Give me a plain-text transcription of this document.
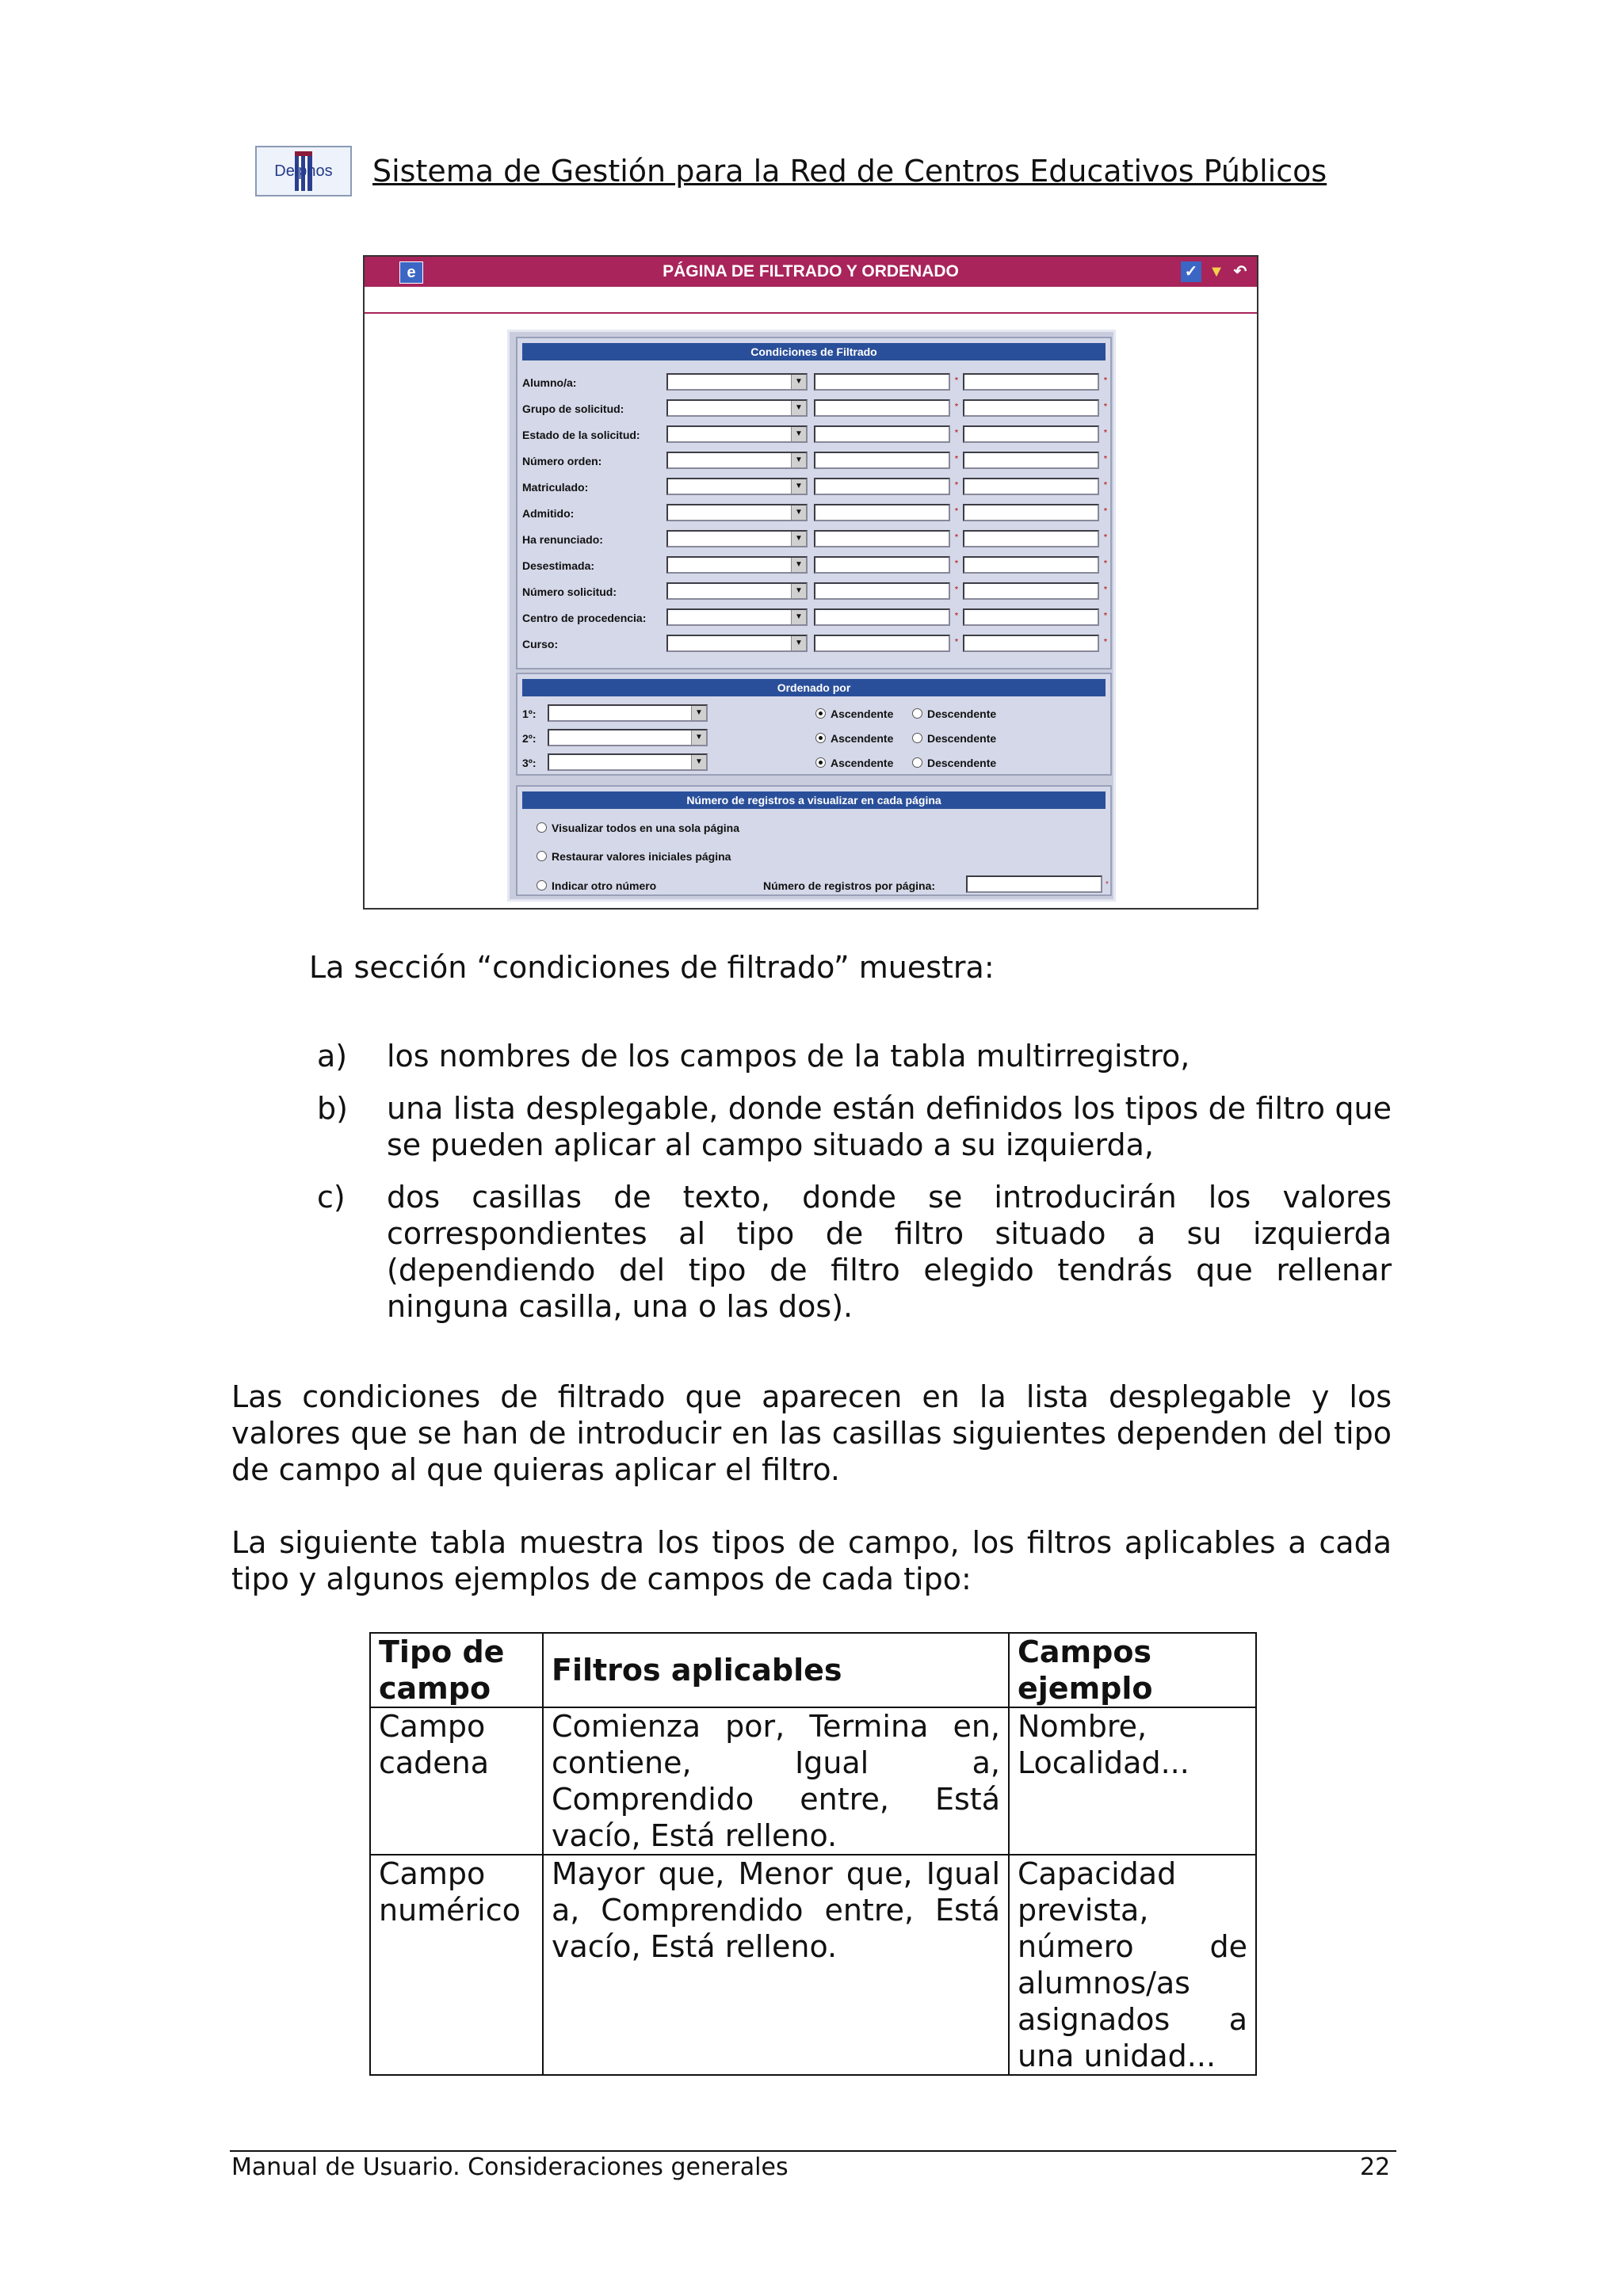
Delphos Sistema de Gestión para la Red de Centros Educativos Públicos
e	PÁGINA DE FILTRADO Y ORDENADO	✓ ▼ ↶
Condiciones de Filtrado
Alumno/a:	▼	*	*
Grupo de solicitud:	▼	*	*
Estado de la solicitud:	▼	*	*
Número orden:	▼	*	*
Matriculado:	▼	*	*
Admitido:	▼	*	*
Ha renunciado:	▼	*	*
Desestimada:	▼	*	*
Número solicitud:	▼	*	*
Centro de procedencia:	▼	*	*
Curso:	▼	*	*
Ordenado por
1º:	▼	Ascendente	Descendente
2º:	▼	Ascendente	Descendente
3º:	▼	Ascendente	Descendente
Número de registros a visualizar en cada página
Visualizar todos en una sola página
Restaurar valores iniciales página
Indicar otro número	Número de registros por página:	*
La sección “condiciones de filtrado” muestra:
a) los nombres de los campos de la tabla multirregistro,
b) una lista desplegable, donde están definidos los tipos de filtro que se pueden aplicar al campo situado a su izquierda,
c) dos casillas de texto, donde se introducirán los valores correspondientes al tipo de filtro situado a su izquierda (dependiendo del tipo de filtro elegido tendrás que rellenar ninguna casilla, una o las dos).
Las condiciones de filtrado que aparecen en la lista desplegable y los valores que se han de introducir en las casillas siguientes dependen del tipo de campo al que quieras aplicar el filtro.
La siguiente tabla muestra los tipos de campo, los filtros aplicables a cada tipo y algunos ejemplos de campos de cada tipo:
Tipo de campo	Filtros aplicables	Campos ejemplo
Campo cadena	Comienza por, Termina en, contiene, Igual a, Comprendido entre, Está vacío, Está relleno.	Nombre, Localidad...
Campo numérico	Mayor que, Menor que, Igual a, Comprendido entre, Está vacío, Está relleno.	Capacidad prevista, número de alumnos/as asignados a una unidad...
Manual de Usuario. Consideraciones generales	22
